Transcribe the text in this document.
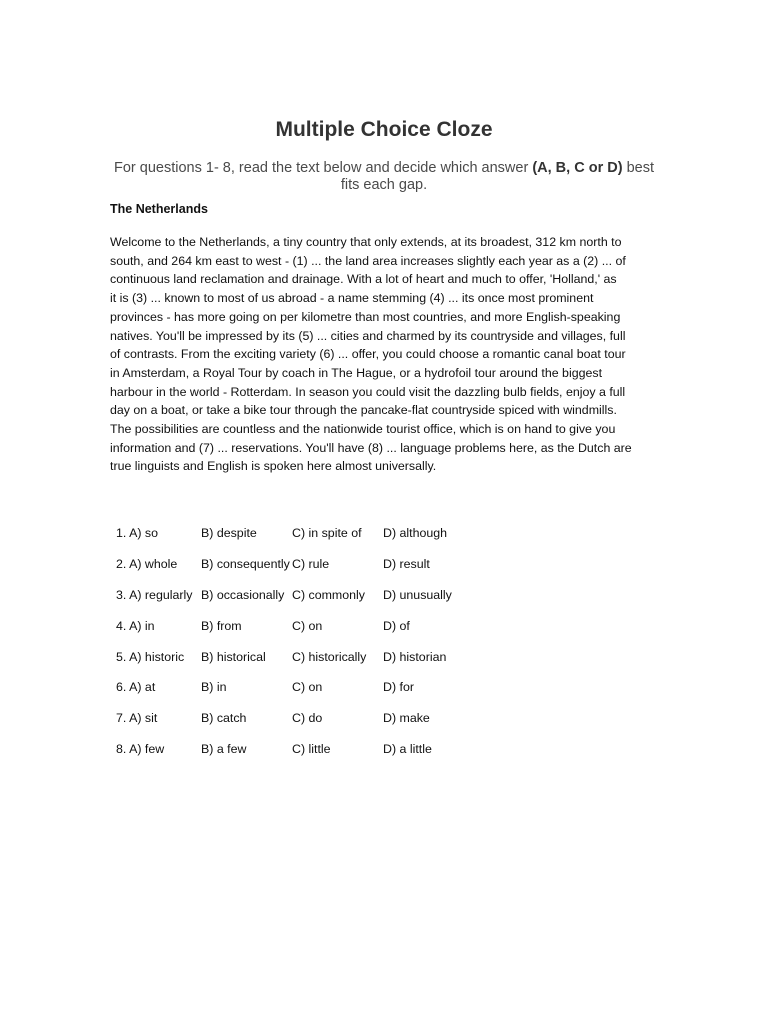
Multiple Choice Cloze

For questions 1- 8, read the text below and decide which answer (A, B, C or D) best fits each gap.

The Netherlands
Welcome to the Netherlands, a tiny country that only extends, at its broadest, 312 km north to
south, and 264 km east to west - (1) ... the land area increases slightly each year as a (2) ... of
continuous land reclamation and drainage. With a lot of heart and much to offer, 'Holland,' as
it is (3) ... known to most of us abroad - a name stemming (4) ... its once most prominent
provinces - has more going on per kilometre than most countries, and more English-speaking
natives. You'll be impressed by its (5) ... cities and charmed by its countryside and villages, full
of contrasts. From the exciting variety (6) ... offer, you could choose a romantic canal boat tour
in Amsterdam, a Royal Tour by coach in The Hague, or a hydrofoil tour around the biggest
harbour in the world - Rotterdam. In season you could visit the dazzling bulb fields, enjoy a full
day on a boat, or take a bike tour through the pancake-flat countryside spiced with windmills.
The possibilities are countless and the nationwide tourist office, which is on hand to give you
information and (7) ... reservations. You'll have (8) ... language problems here, as the Dutch are
true linguists and English is spoken here almost universally.
1. A) so	B) despite	C) in spite of	D) although
2. A) whole	B) consequently	C) rule	D) result
3. A) regularly	B) occasionally	C) commonly	D) unusually
4. A) in	B) from	C) on	D) of
5. A) historic	B) historical	C) historically	D) historian
6. A) at	B) in	C) on	D) for
7. A) sit	B) catch	C) do	D) make
8. A) few	B) a few	C) little	D) a little
